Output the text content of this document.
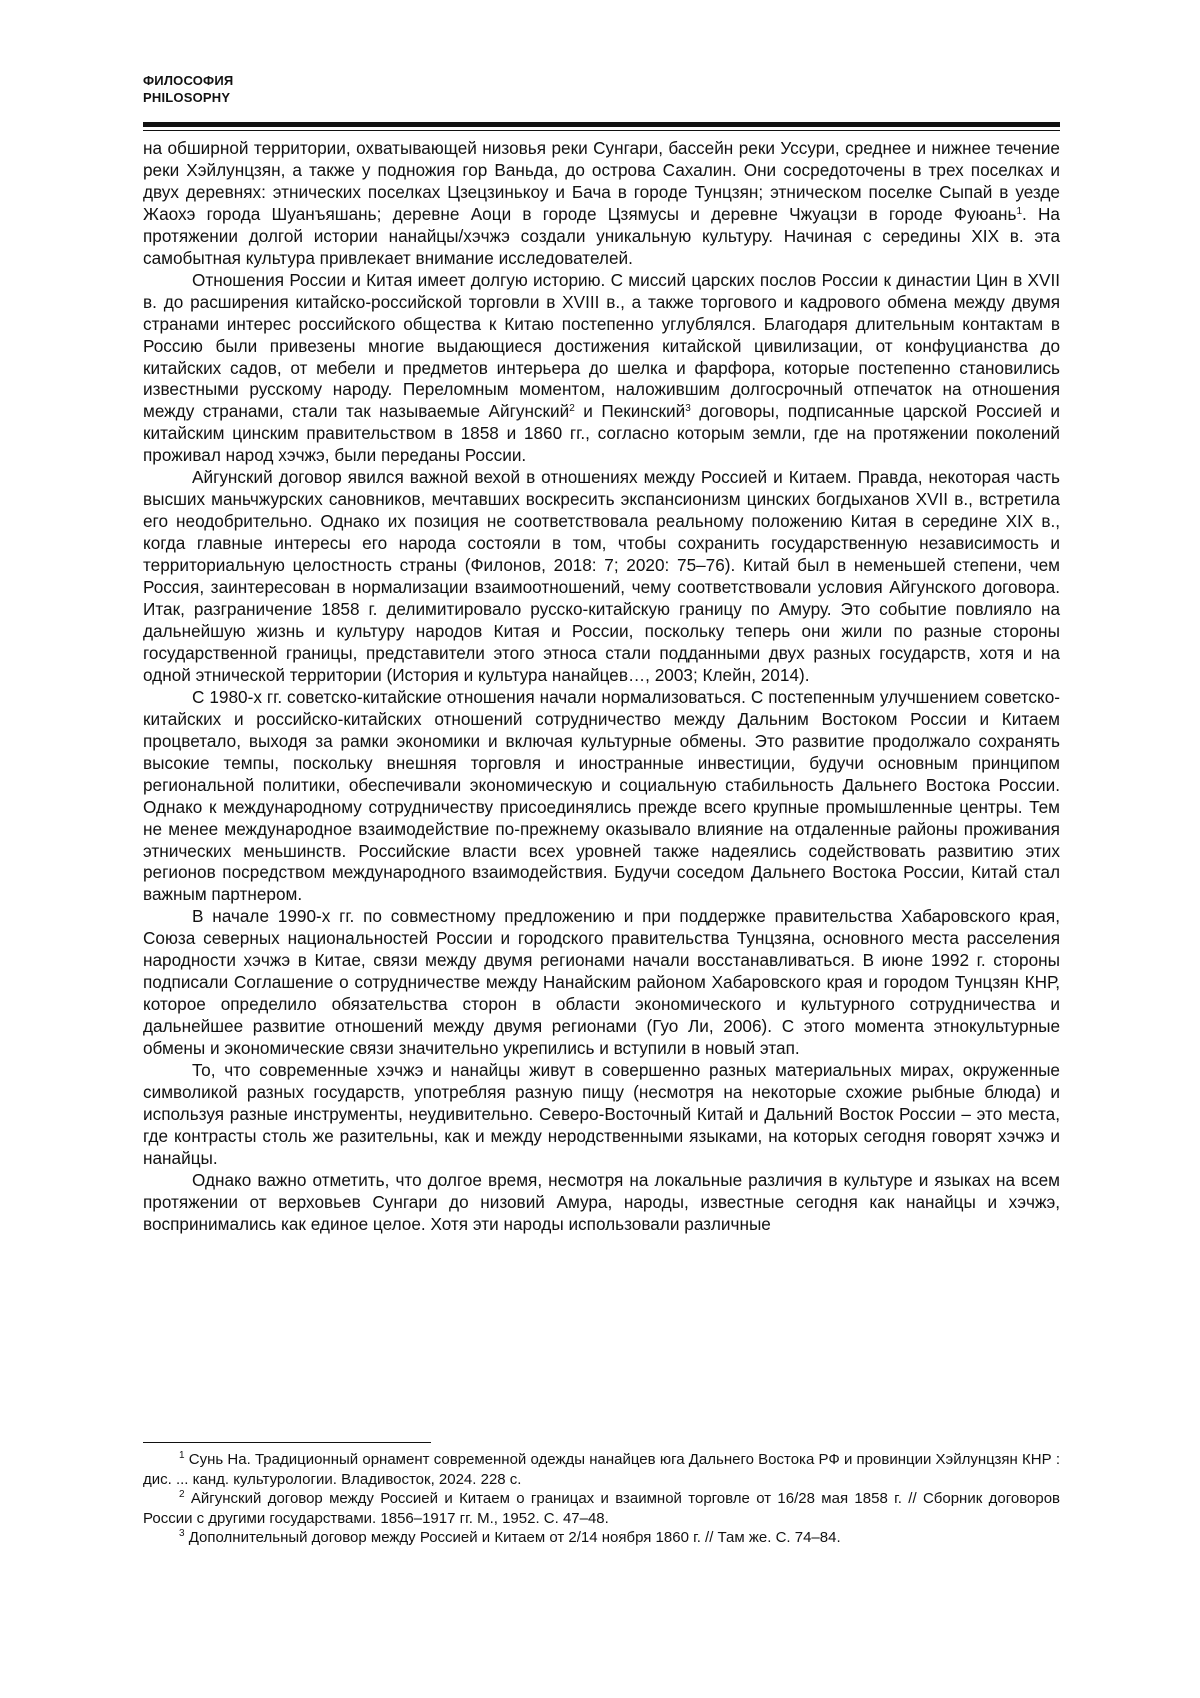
ФИЛОСОФИЯ
PHILOSOPHY

на обширной территории, охватывающей низовья реки Сунгари, бассейн реки Уссури, среднее и нижнее течение реки Хэйлунцзян, а также у подножия гор Ваньда, до острова Сахалин. Они сосредоточены в трех поселках и двух деревнях: этнических поселках Цзецзинькоу и Бача в городе Тунцзян; этническом поселке Сыпай в уезде Жаохэ города Шуанъяшань; деревне Аоци в городе Цзямусы и деревне Чжуацзи в городе Фуюань$^1$. На протяжении долгой истории нанайцы/хэчжэ создали уникальную культуру. Начиная с середины XIX в. эта самобытная культура привлекает внимание исследователей.

Отношения России и Китая имеет долгую историю. С миссий царских послов России к династии Цин в XVII в. до расширения китайско-российской торговли в XVIII в., а также торгового и кадрового обмена между двумя странами интерес российского общества к Китаю постепенно углублялся. Благодаря длительным контактам в Россию были привезены многие выдающиеся достижения китайской цивилизации, от конфуцианства до китайских садов, от мебели и предметов интерьера до шелка и фарфора, которые постепенно становились известными русскому народу. Переломным моментом, наложившим долгосрочный отпечаток на отношения между странами, стали так называемые Айгунский$^2$ и Пекинский$^3$ договоры, подписанные царской Россией и китайским цинским правительством в 1858 и 1860 гг., согласно которым земли, где на протяжении поколений проживал народ хэчжэ, были переданы России.

Айгунский договор явился важной вехой в отношениях между Россией и Китаем. Правда, некоторая часть высших маньчжурских сановников, мечтавших воскресить экспансионизм цинских богдыханов XVII в., встретила его неодобрительно. Однако их позиция не соответствовала реальному положению Китая в середине XIX в., когда главные интересы его народа состояли в том, чтобы сохранить государственную независимость и территориальную целостность страны (Филонов, 2018: 7; 2020: 75–76). Китай был в неменьшей степени, чем Россия, заинтересован в нормализации взаимоотношений, чему соответствовали условия Айгунского договора. Итак, разграничение 1858 г. делимитировало русско-китайскую границу по Амуру. Это событие повлияло на дальнейшую жизнь и культуру народов Китая и России, поскольку теперь они жили по разные стороны государственной границы, представители этого этноса стали подданными двух разных государств, хотя и на одной этнической территории (История и культура нанайцев…, 2003; Клейн, 2014).

С 1980-х гг. советско-китайские отношения начали нормализоваться. С постепенным улучшением советско-китайских и российско-китайских отношений сотрудничество между Дальним Востоком России и Китаем процветало, выходя за рамки экономики и включая культурные обмены. Это развитие продолжало сохранять высокие темпы, поскольку внешняя торговля и иностранные инвестиции, будучи основным принципом региональной политики, обеспечивали экономическую и социальную стабильность Дальнего Востока России. Однако к международному сотрудничеству присоединялись прежде всего крупные промышленные центры. Тем не менее международное взаимодействие по-прежнему оказывало влияние на отдаленные районы проживания этнических меньшинств. Российские власти всех уровней также надеялись содействовать развитию этих регионов посредством международного взаимодействия. Будучи соседом Дальнего Востока России, Китай стал важным партнером.

В начале 1990-х гг. по совместному предложению и при поддержке правительства Хабаровского края, Союза северных национальностей России и городского правительства Тунцзяна, основного места расселения народности хэчжэ в Китае, связи между двумя регионами начали восстанавливаться. В июне 1992 г. стороны подписали Соглашение о сотрудничестве между Нанайским районом Хабаровского края и городом Тунцзян КНР, которое определило обязательства сторон в области экономического и культурного сотрудничества и дальнейшее развитие отношений между двумя регионами (Гуо Ли, 2006). С этого момента этнокультурные обмены и экономические связи значительно укрепились и вступили в новый этап.

То, что современные хэчжэ и нанайцы живут в совершенно разных материальных мирах, окруженные символикой разных государств, употребляя разную пищу (несмотря на некоторые схожие рыбные блюда) и используя разные инструменты, неудивительно. Северо-Восточный Китай и Дальний Восток России – это места, где контрасты столь же разительны, как и между неродственными языками, на которых сегодня говорят хэчжэ и нанайцы.

Однако важно отметить, что долгое время, несмотря на локальные различия в культуре и языках на всем протяжении от верховьев Сунгари до низовий Амура, народы, известные сегодня как нанайцы и хэчжэ, воспринимались как единое целое. Хотя эти народы использовали различные

$^1$ Сунь На. Традиционный орнамент современной одежды нанайцев юга Дальнего Востока РФ и провинции Хэйлунцзян КНР : дис. ... канд. культурологии. Владивосток, 2024. 228 с.

$^2$ Айгунский договор между Россией и Китаем о границах и взаимной торговле от 16/28 мая 1858 г. // Сборник договоров России с другими государствами. 1856–1917 гг. М., 1952. С. 47–48.

$^3$ Дополнительный договор между Россией и Китаем от 2/14 ноября 1860 г. // Там же. С. 74–84.
